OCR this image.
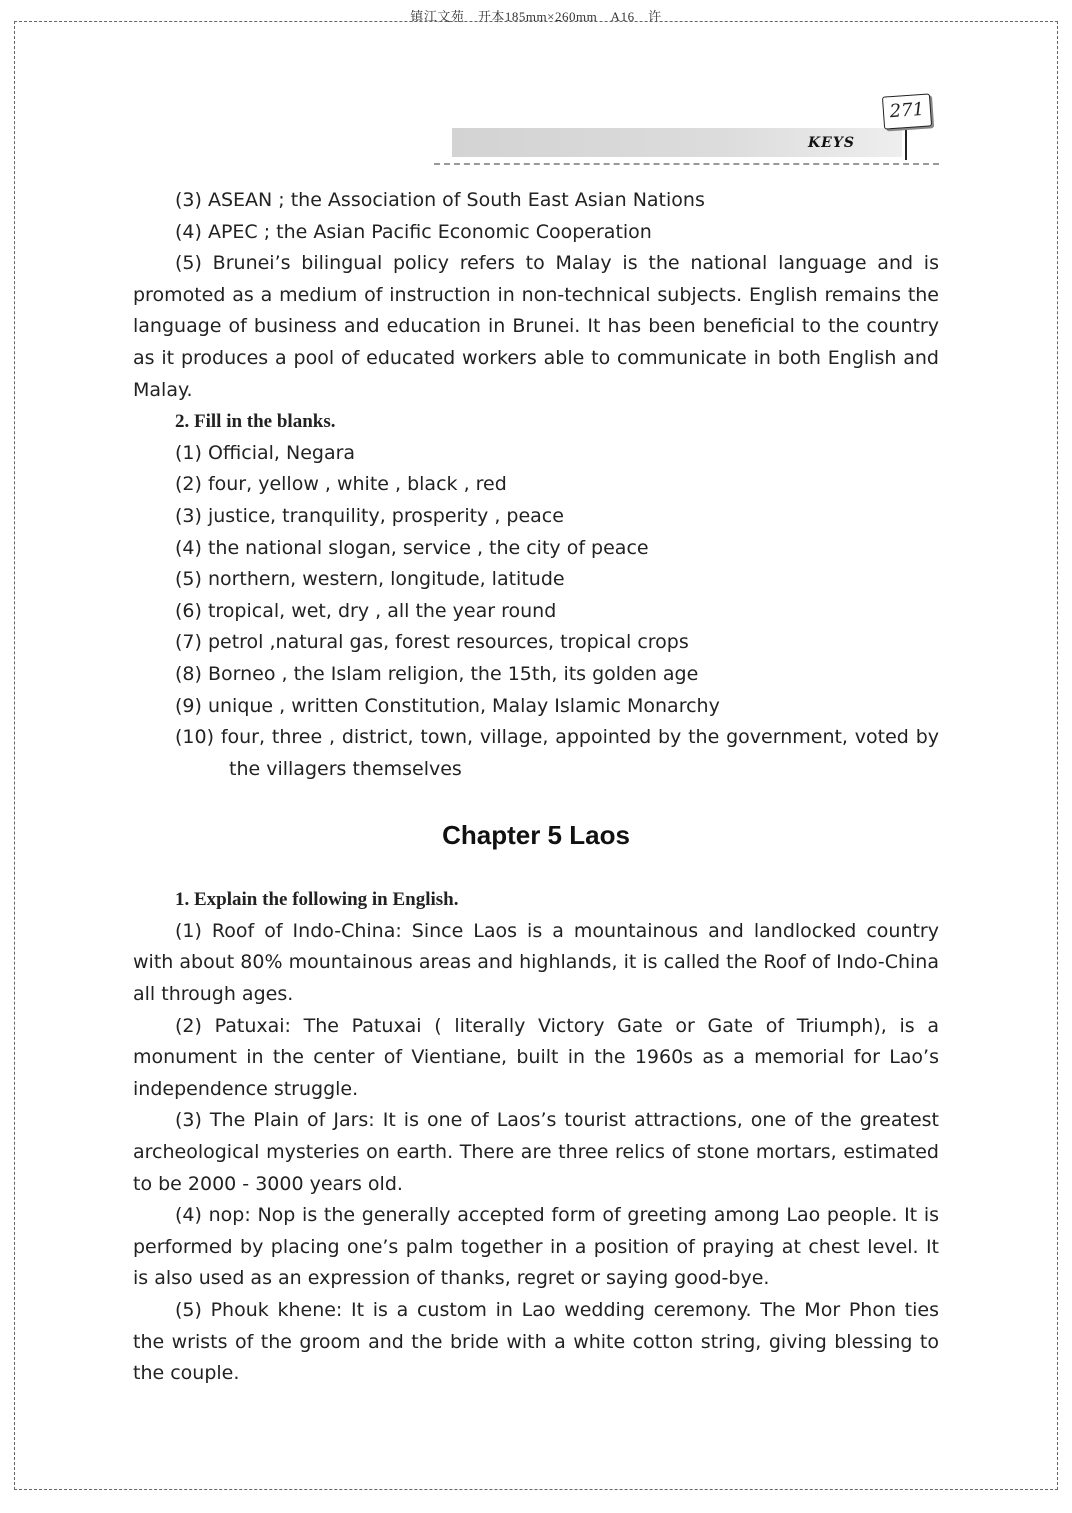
镇江文苑　开本185mm×260mm　A16　许
KEYS
271

(3) ASEAN ; the Association of South East Asian Nations

(4) APEC ; the Asian Pacific Economic Cooperation

(5) Brunei’s bilingual policy refers to Malay is the national language and is promoted as a medium of instruction in non-technical subjects. English remains the language of business and education in Brunei. It has been beneficial to the country as it produces a pool of educated workers able to communicate in both English and Malay.

2. Fill in the blanks.

(1) Official, Negara

(2) four, yellow , white , black , red

(3) justice, tranquility, prosperity , peace

(4) the national slogan, service , the city of peace

(5) northern, western, longitude, latitude

(6) tropical, wet, dry , all the year round

(7) petrol ,natural gas, forest resources, tropical crops

(8) Borneo , the Islam religion, the 15th, its golden age

(9) unique , written Constitution, Malay Islamic Monarchy

(10) four, three , district, town, village, appointed by the government, voted by the villagers themselves

Chapter 5 Laos

1. Explain the following in English.

(1) Roof of Indo-China: Since Laos is a mountainous and landlocked country with about 80% mountainous areas and highlands, it is called the Roof of Indo-China all through ages.

(2) Patuxai: The Patuxai ( literally Victory Gate or Gate of Triumph), is a monument in the center of Vientiane, built in the 1960s as a memorial for Lao’s independence struggle.

(3) The Plain of Jars: It is one of Laos’s tourist attractions, one of the greatest archeological mysteries on earth. There are three relics of stone mortars, estimated to be 2000 - 3000 years old.

(4) nop: Nop is the generally accepted form of greeting among Lao people. It is performed by placing one’s palm together in a position of praying at chest level. It is also used as an expression of thanks, regret or saying good-bye.

(5) Phouk khene: It is a custom in Lao wedding ceremony. The Mor Phon ties the wrists of the groom and the bride with a white cotton string, giving blessing to the couple.
